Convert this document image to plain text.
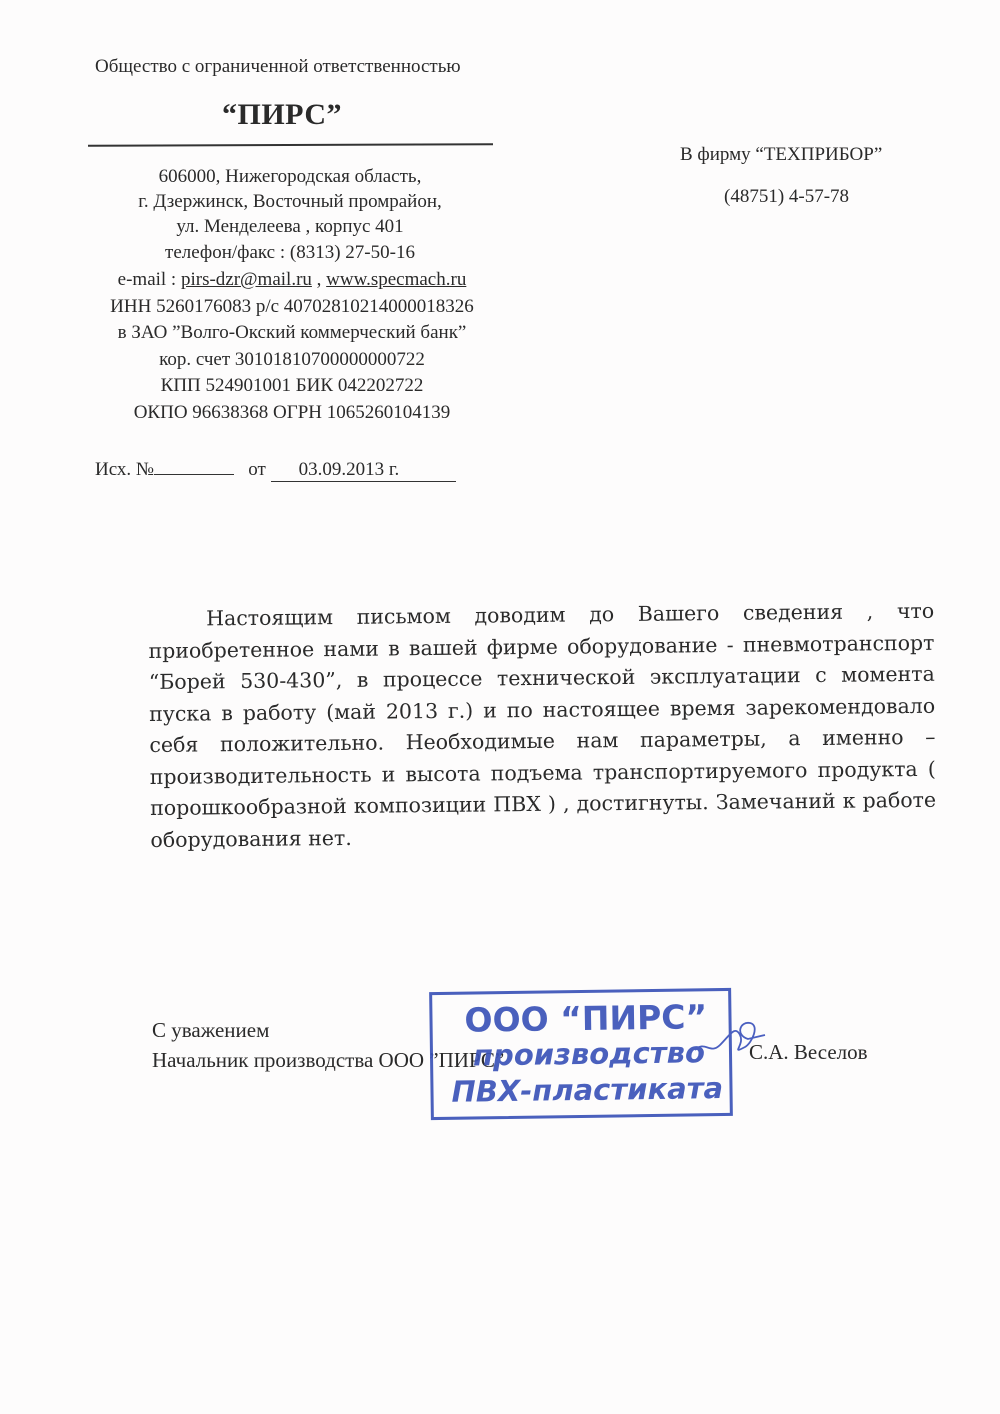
Общество с ограниченной ответственностью
“ПИРС”
606000, Нижегородская область,
г. Дзержинск, Восточный промрайон,
ул. Менделеева , корпус 401
телефон/факс : (8313) 27-50-16
e-mail : pirs-dzr@mail.ru , www.specmach.ru
ИНН 5260176083 р/с 40702810214000018326
в ЗАО ”Волго-Окский коммерческий банк”
кор. счет 30101810700000000722
КПП 524901001 БИК 042202722
ОКПО 96638368 ОГРН 1065260104139
В фирму “ТЕХПРИБОР”
(48751) 4-57-78
Исх. №	от 03.09.2013 г.
Настоящим письмом доводим до Вашего сведения , что приобретенное нами в вашей фирме оборудование - пневмотранспорт “Борей 530-430”, в процессе технической эксплуатации с момента пуска в работу (май 2013 г.) и по настоящее время зарекомендовало себя положительно. Необходимые нам параметры, а именно – производительность и высота подъема транспортируемого продукта ( порошкообразной композиции ПВХ ) , достигнуты. Замечаний к работе оборудования нет.
С уважением
Начальник производства ООО ”ПИРС”	С.А. Веселов
ООО “ПИРС”
производство
ПВХ-пластиката
